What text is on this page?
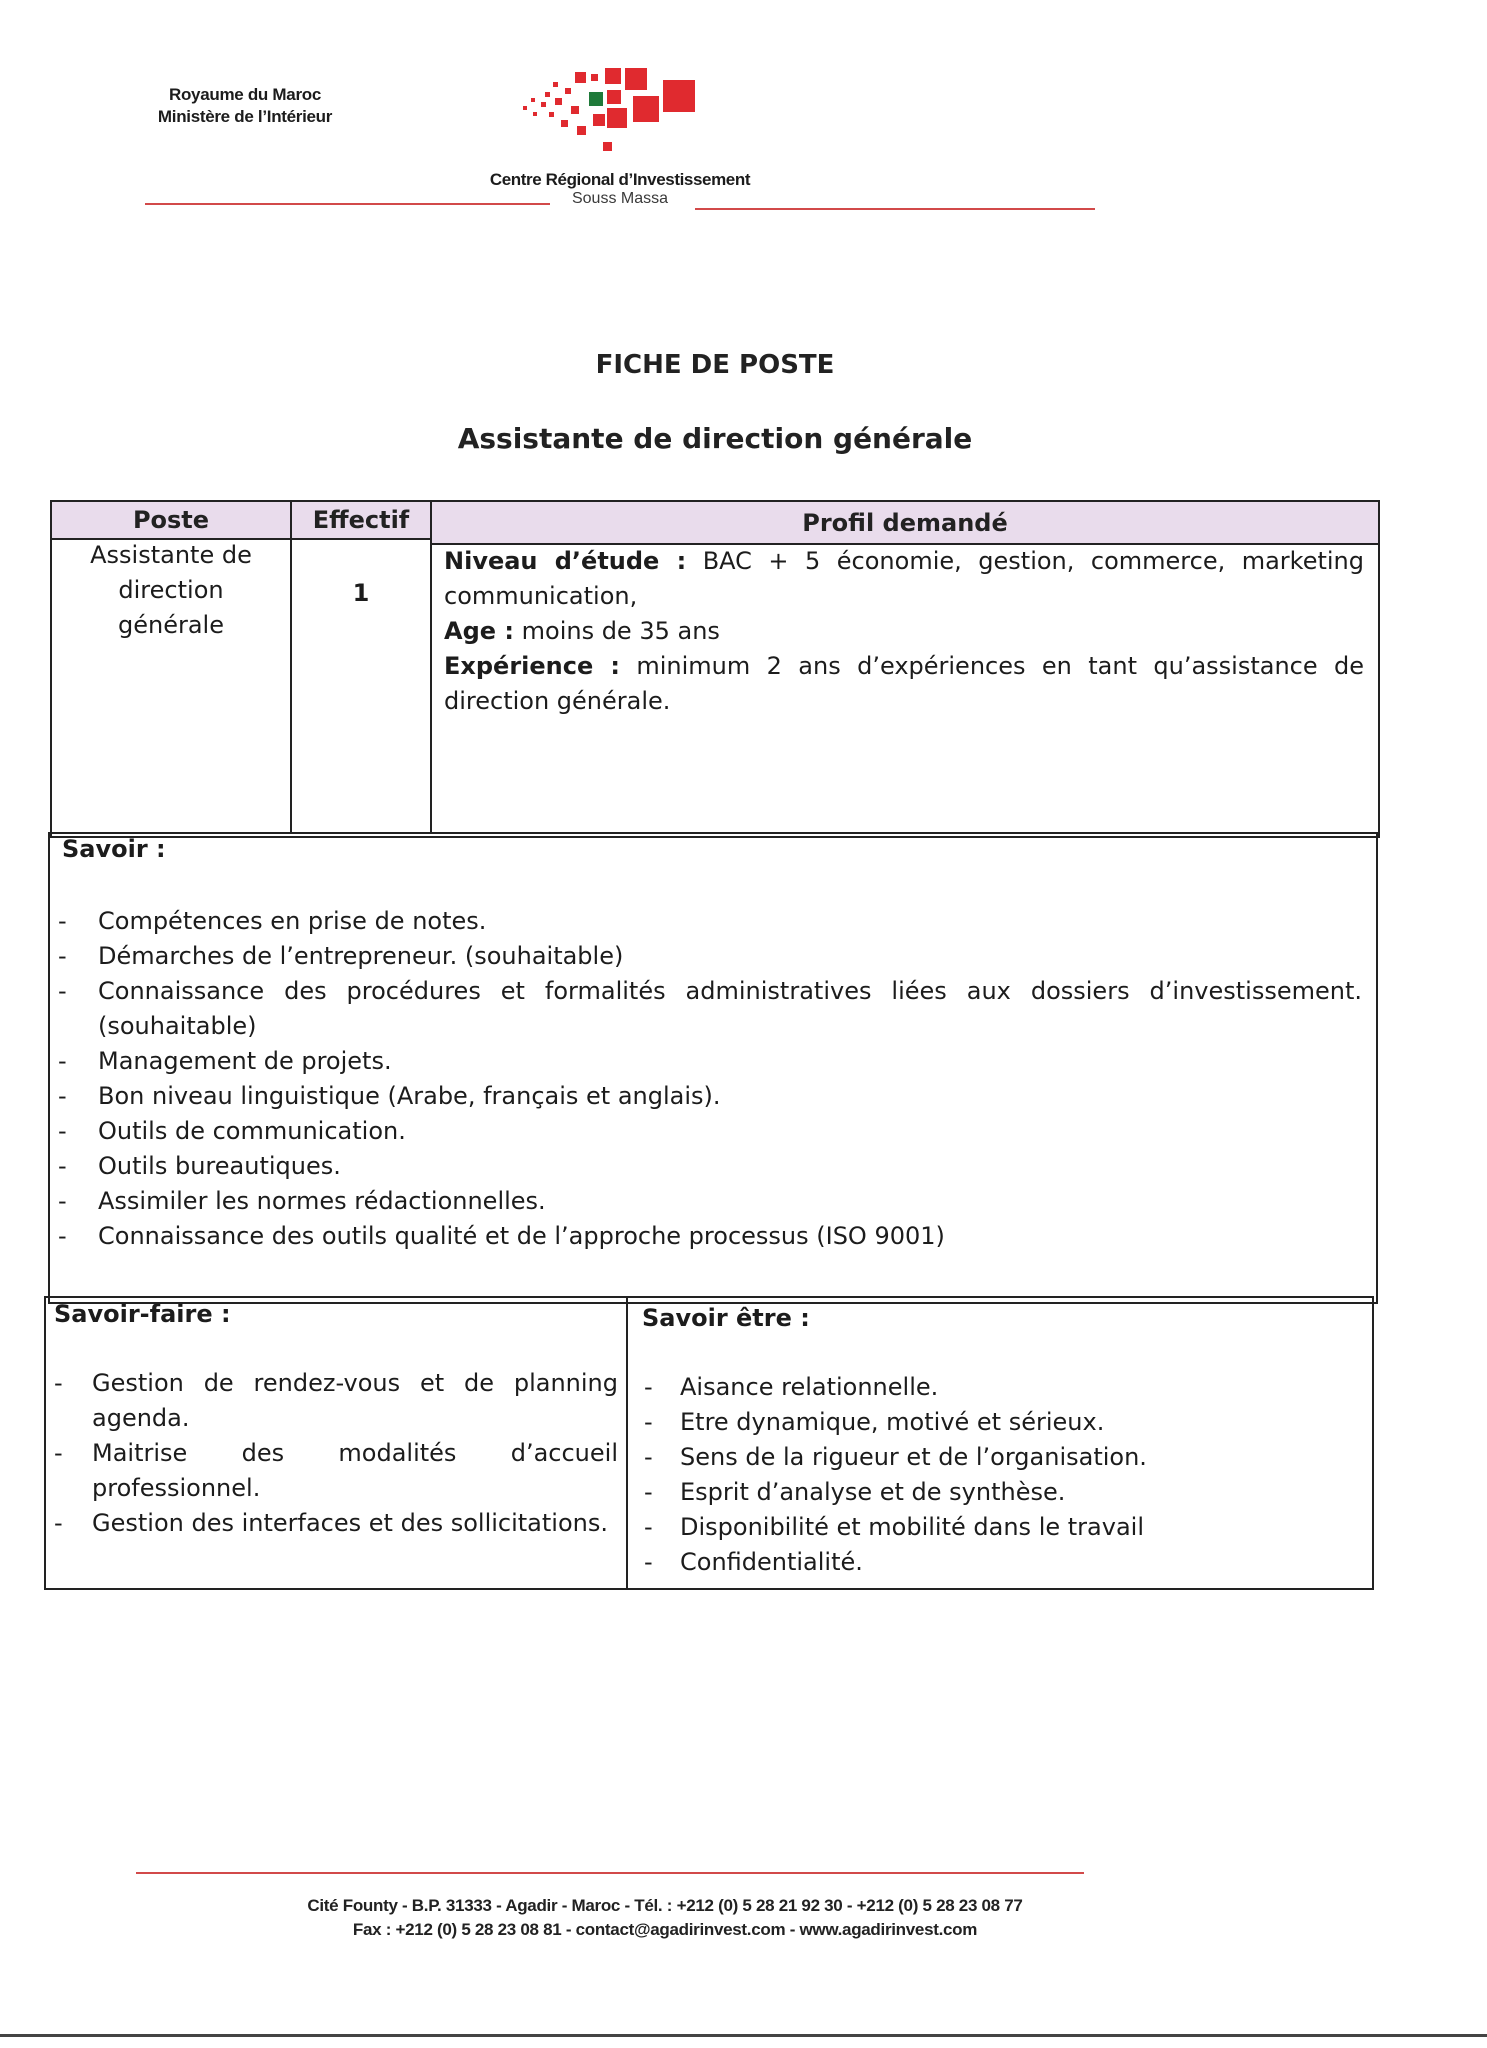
Royaume du Maroc
Ministère de l’Intérieur
Centre Régional d’Investissement
Souss Massa
FICHE DE POSTE
Assistante de direction générale
Poste	Effectif	Profil demandé
Assistante de
direction
générale
1

Niveau d’étude : BAC + 5 économie, gestion, commerce, marketing communication,

Age : moins de 35 ans

Expérience : minimum 2 ans d’expériences en tant qu’assistance de direction générale.

Savoir :
- Compétences en prise de notes.
- Démarches de l’entrepreneur. (souhaitable)
- Connaissance des procédures et formalités administratives liées aux dossiers d’investissement.(souhaitable)
- Management de projets.
- Bon niveau linguistique (Arabe, français et anglais).
- Outils de communication.
- Outils bureautiques.
- Assimiler les normes rédactionnelles.
- Connaissance des outils qualité et de l’approche processus (ISO 9001)
Savoir-faire :
- Gestion de rendez-vous et de planning agenda.
- Maitrise des modalités d’accueil professionnel.
- Gestion des interfaces et des sollicitations.
Savoir être :
- Aisance relationnelle.
- Etre dynamique, motivé et sérieux.
- Sens de la rigueur et de l’organisation.
- Esprit d’analyse et de synthèse.
- Disponibilité et mobilité dans le travail
- Confidentialité.
Cité Founty - B.P. 31333 - Agadir - Maroc - Tél. : +212 (0) 5 28 21 92 30 - +212 (0) 5 28 23 08 77
Fax : +212 (0) 5 28 23 08 81 - contact@agadirinvest.com - www.agadirinvest.com
